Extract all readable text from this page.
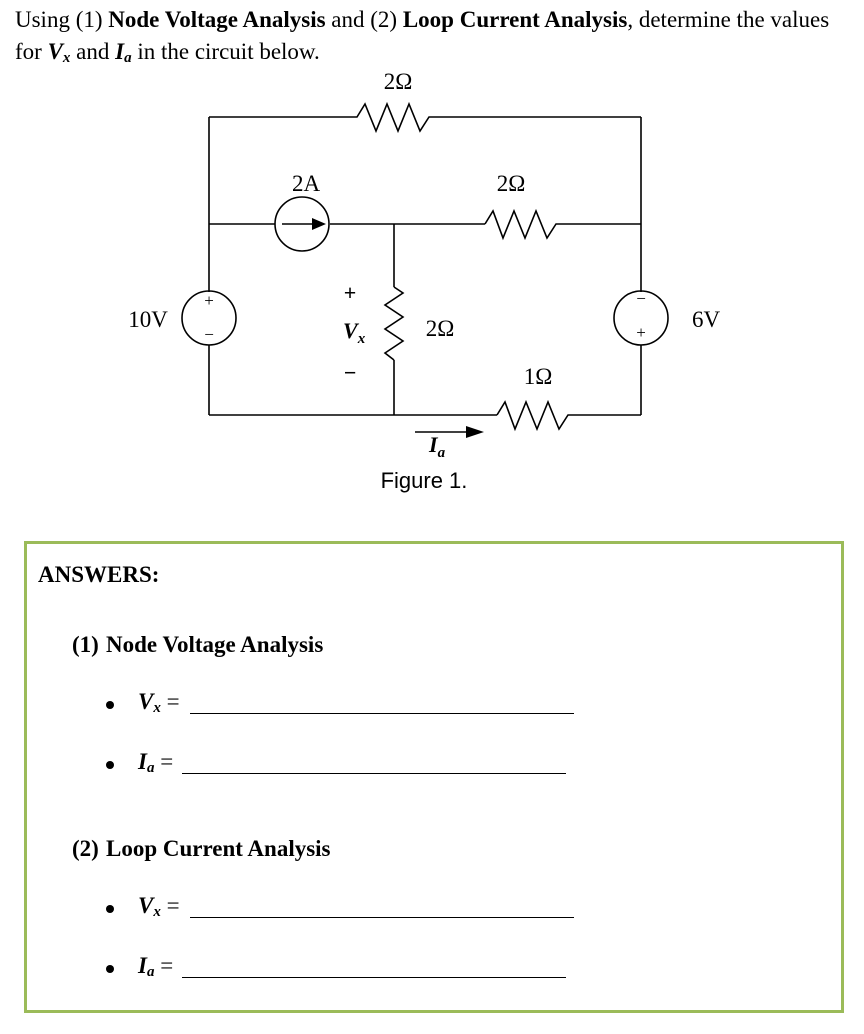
Using (1) Node Voltage Analysis and (2) Loop Current Analysis, determine the values for $V_x$ and $I_a$ in the circuit below.
2Ω
2A	2Ω
2Ω
1Ω
10V	6V
+
−
−
+
+
$V_x$
−
$I_a$
Figure 1.
ANSWERS:
(1) Node Voltage Analysis
$V_x$ =
$I_a$ =
(2) Loop Current Analysis
$V_x$ =
$I_a$ =
